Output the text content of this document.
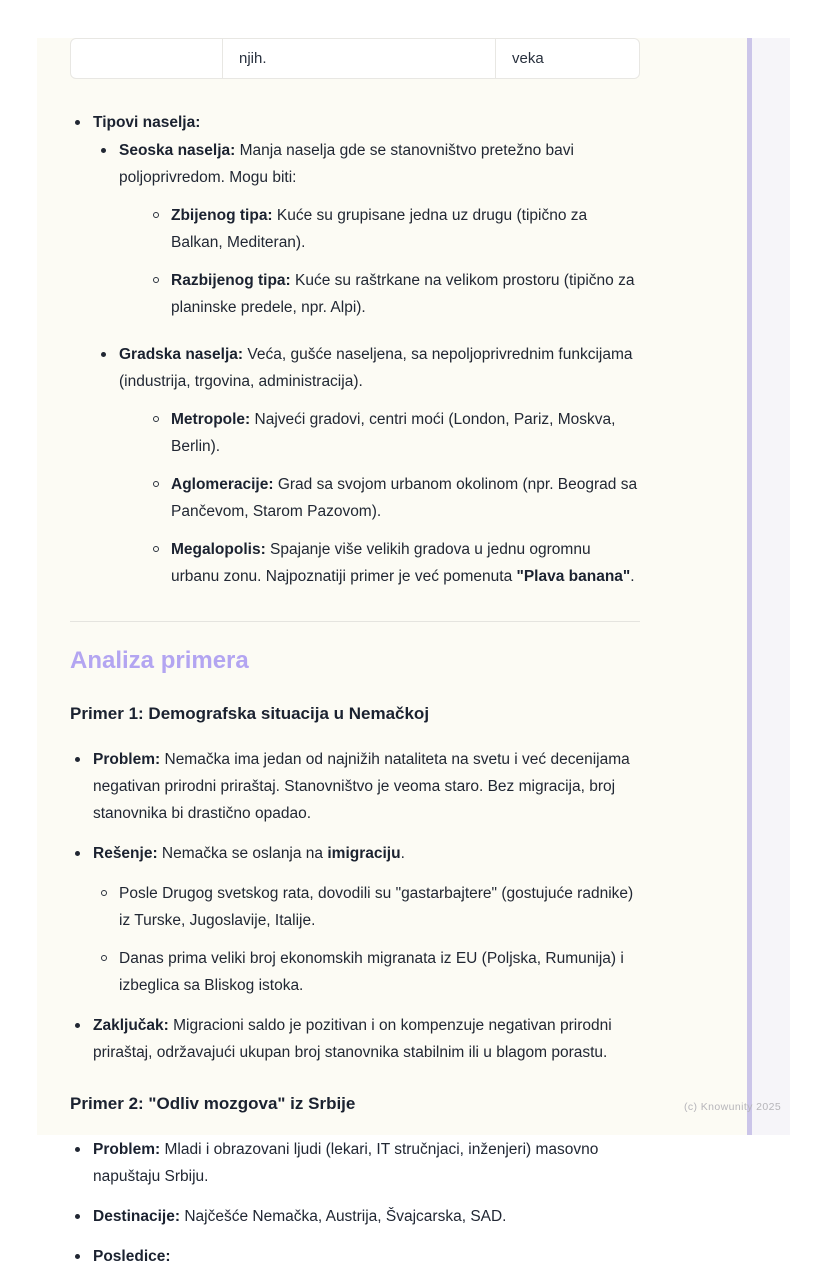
njih.	veka
Tipovi naselja:
Seoska naselja: Manja naselja gde se stanovništvo pretežno bavi poljoprivredom. Mogu biti:
Zbijenog tipa: Kuće su grupisane jedna uz drugu (tipično za Balkan, Mediteran).
Razbijenog tipa: Kuće su raštrkane na velikom prostoru (tipično za planinske predele, npr. Alpi).
Gradska naselja: Veća, gušće naseljena, sa nepoljoprivrednim funkcijama (industrija, trgovina, administracija).
Metropole: Najveći gradovi, centri moći (London, Pariz, Moskva, Berlin).
Aglomeracije: Grad sa svojom urbanom okolinom (npr. Beograd sa Pančevom, Starom Pazovom).
Megalopolis: Spajanje više velikih gradova u jednu ogromnu urbanu zonu. Najpoznatiji primer je već pomenuta "Plava banana".
Analiza primera
Primer 1: Demografska situacija u Nemačkoj
Problem: Nemačka ima jedan od najnižih nataliteta na svetu i već decenijama negativan prirodni priraštaj. Stanovništvo je veoma staro. Bez migracija, broj stanovnika bi drastično opadao.
Rešenje: Nemačka se oslanja na imigraciju.
Posle Drugog svetskog rata, dovodili su "gastarbajtere" (gostujuće radnike) iz Turske, Jugoslavije, Italije.
Danas prima veliki broj ekonomskih migranata iz EU (Poljska, Rumunija) i izbeglica sa Bliskog istoka.
Zaključak: Migracioni saldo je pozitivan i on kompenzuje negativan prirodni priraštaj, održavajući ukupan broj stanovnika stabilnim ili u blagom porastu.
Primer 2: "Odliv mozgova" iz Srbije
Problem: Mladi i obrazovani ljudi (lekari, IT stručnjaci, inženjeri) masovno napuštaju Srbiju.
Destinacije: Najčešće Nemačka, Austrija, Švajcarska, SAD.
Posledice:
(c) Knowunity 2025
